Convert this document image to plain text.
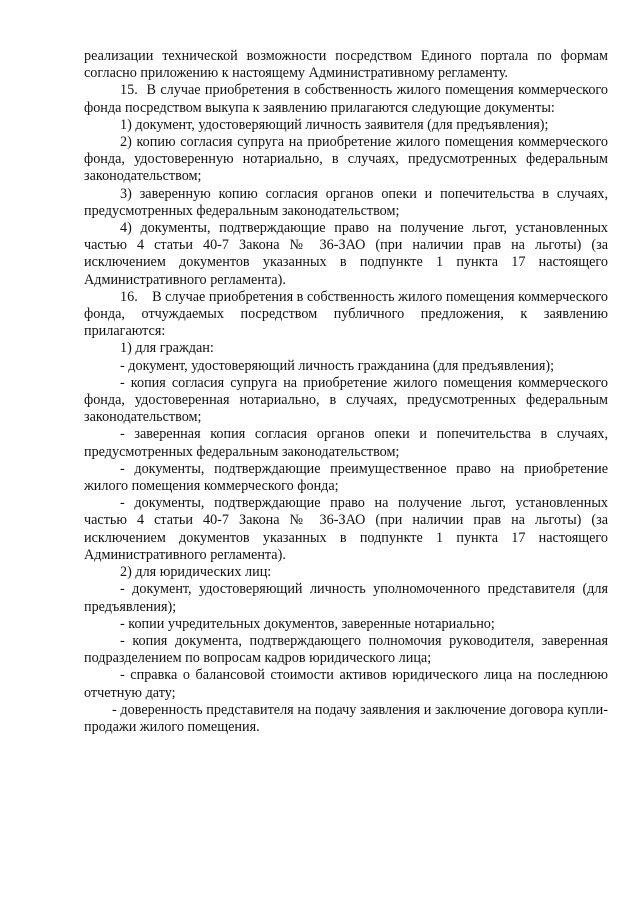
реализации технической возможности посредством Единого портала по формам согласно приложению к настоящему Административному регламенту.

15.  В случае приобретения в собственность жилого помещения коммерческого фонда посредством выкупа к заявлению прилагаются следующие документы:

1) документ, удостоверяющий личность заявителя (для предъявления);

2) копию согласия супруга на приобретение жилого помещения коммерческого фонда, удостоверенную нотариально, в случаях, предусмотренных федеральным законодательством;

3) заверенную копию согласия органов опеки и попечительства в случаях, предусмотренных федеральным законодательством;

4) документы, подтверждающие право на получение льгот, установленных частью 4 статьи 40-7 Закона № 36-ЗАО (при наличии прав на льготы) (за исключением документов указанных в подпункте 1 пункта 17 настоящего Административного регламента).

16.    В случае приобретения в собственность жилого помещения коммерческого фонда, отчуждаемых посредством публичного предложения, к заявлению прилагаются:

1) для граждан:

- документ, удостоверяющий личность гражданина (для предъявления);

- копия согласия супруга на приобретение жилого помещения коммерческого фонда, удостоверенная нотариально, в случаях, предусмотренных федеральным законодательством;

- заверенная копия согласия органов опеки и попечительства в случаях, предусмотренных федеральным законодательством;

- документы, подтверждающие преимущественное право на приобретение жилого помещения коммерческого фонда;

- документы, подтверждающие право на получение льгот, установленных частью 4 статьи 40-7 Закона № 36-ЗАО (при наличии прав на льготы) (за исключением документов указанных в подпункте 1 пункта 17 настоящего Административного регламента).

2) для юридических лиц:

- документ, удостоверяющий личность уполномоченного представителя (для предъявления);

- копии учредительных документов, заверенные нотариально;

- копия документа, подтверждающего полномочия руководителя, заверенная подразделением по вопросам кадров юридического лица;

- справка о балансовой стоимости активов юридического лица на последнюю отчетную дату;

- доверенность представителя на подачу заявления и заключение договора купли-продажи жилого помещения.
